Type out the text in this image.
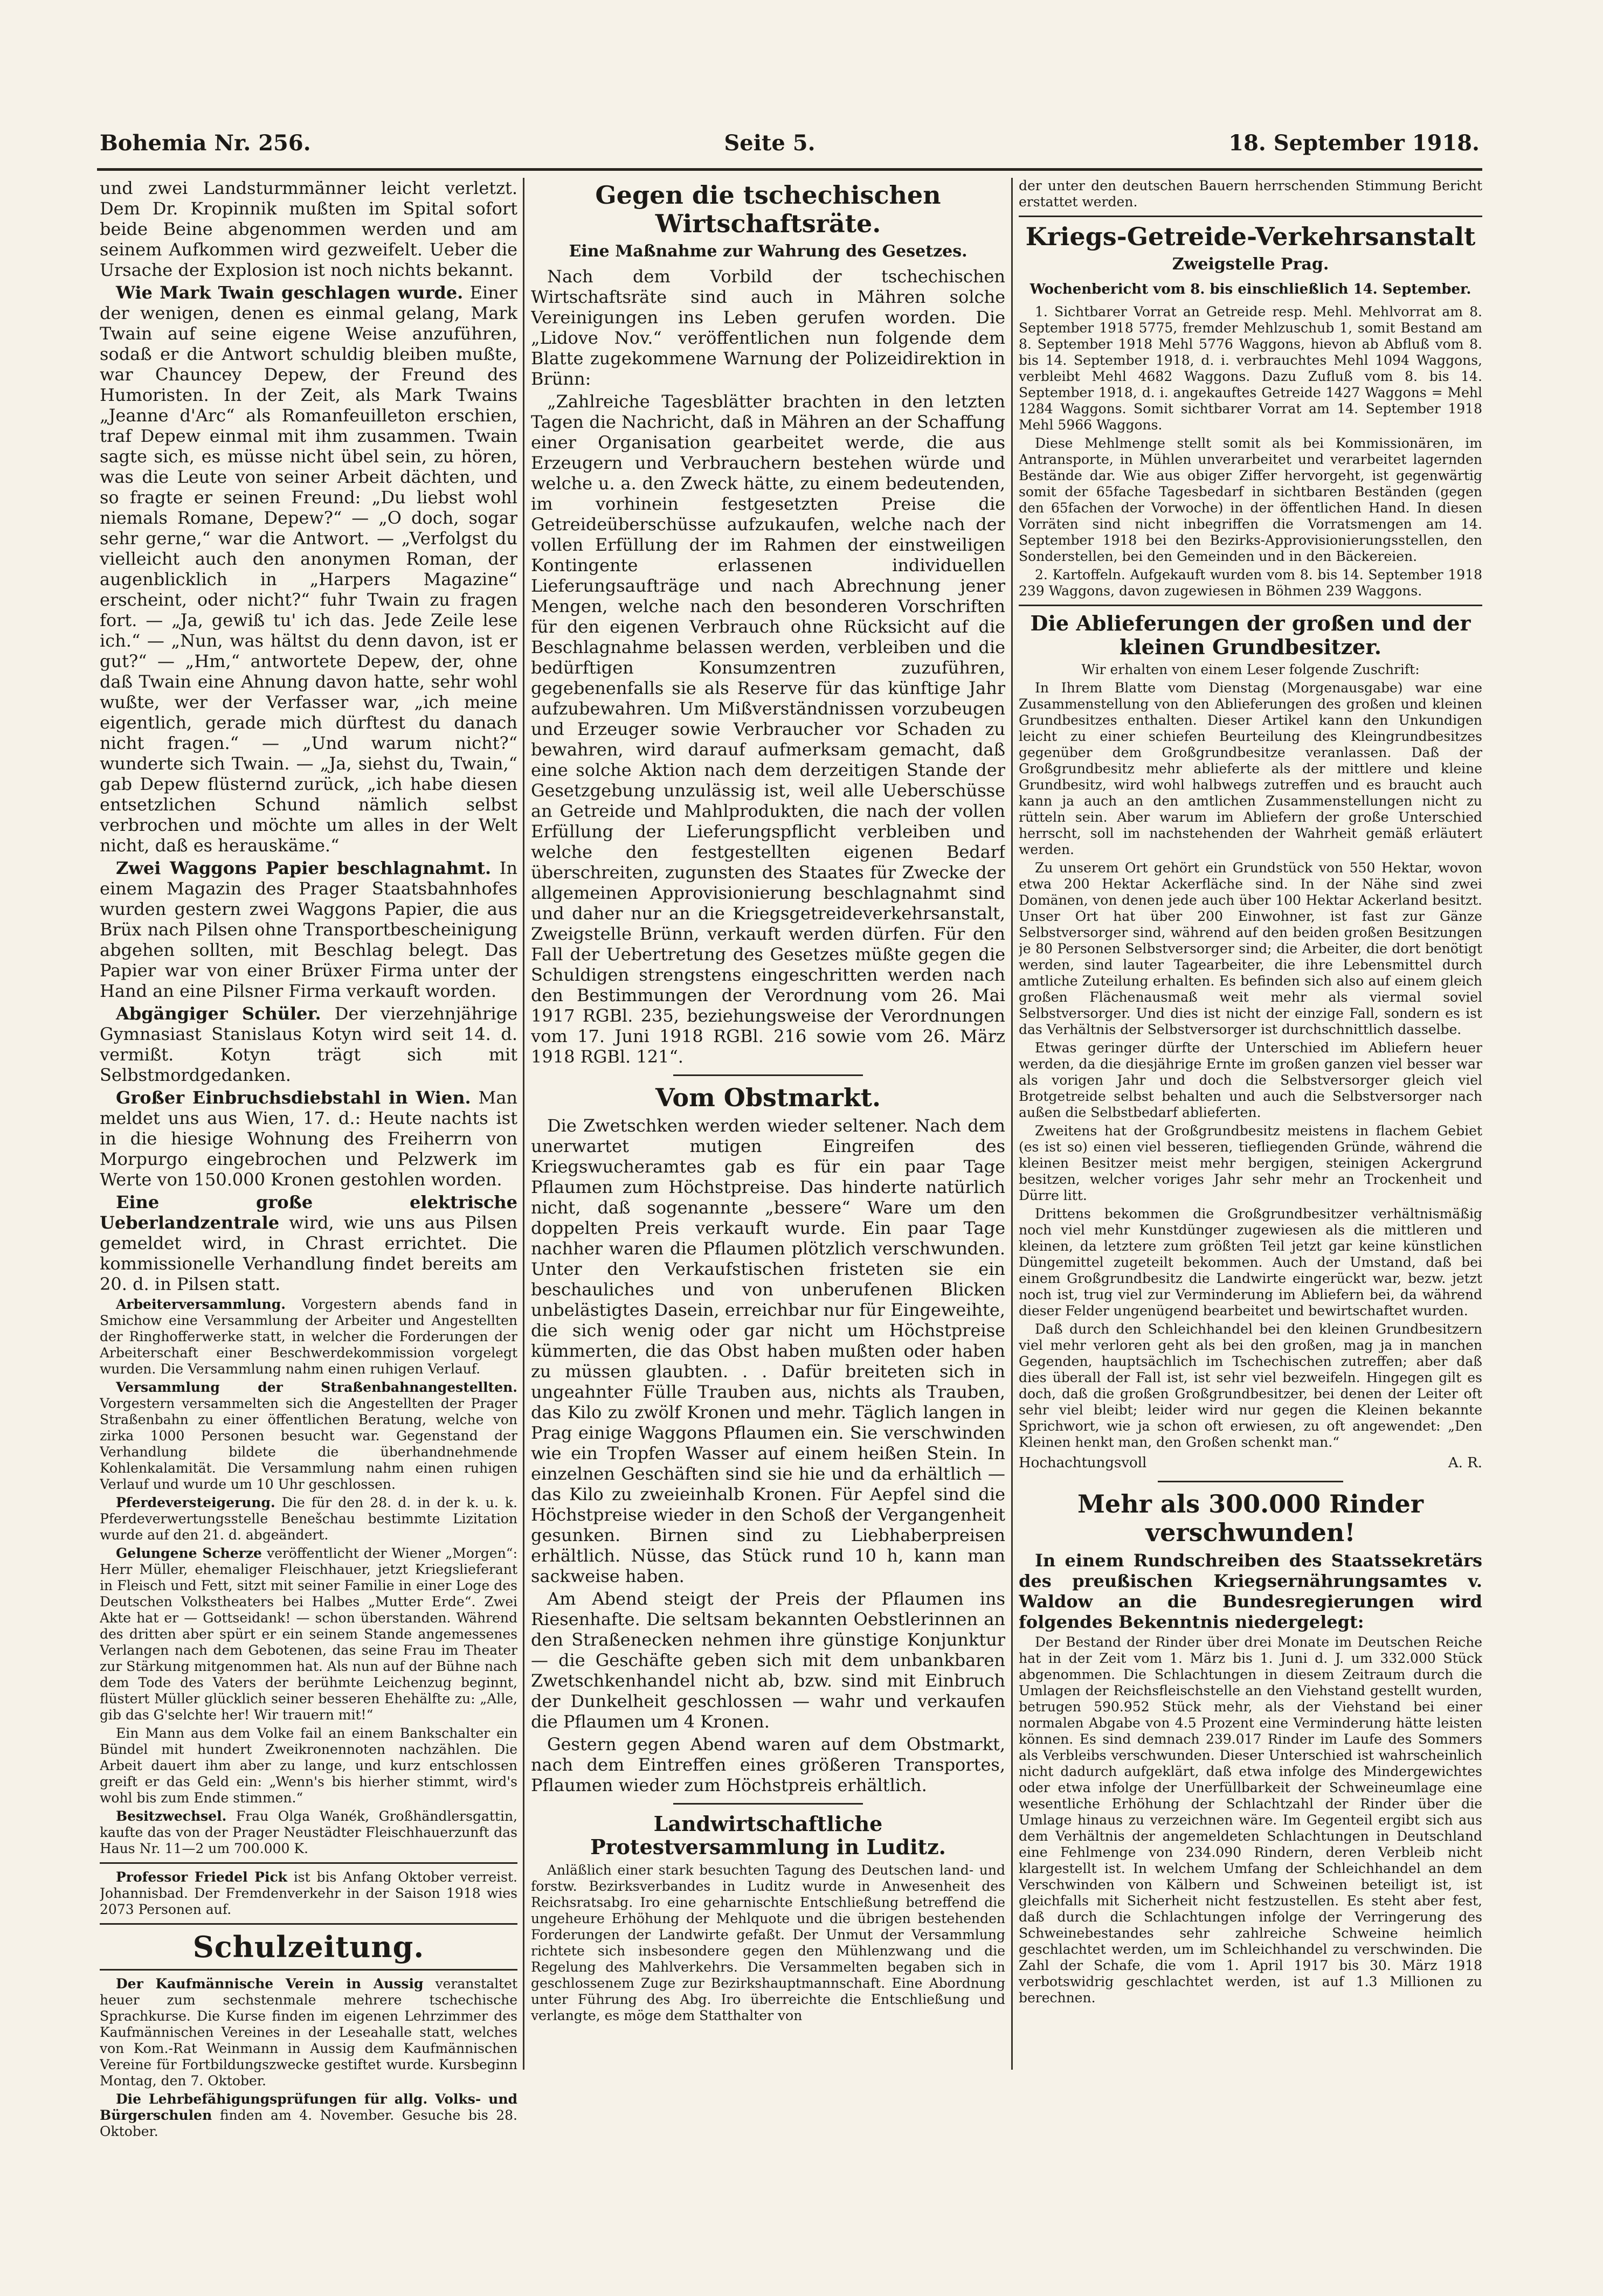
Bohemia Nr. 256.	Seite 5.	18. September 1918.

und zwei Landsturmmänner leicht verletzt. Dem Dr. Kropinnik mußten im Spital sofort beide Beine abgenommen werden und am seinem Aufkommen wird gezweifelt. Ueber die Ursache der Explosion ist noch nichts bekannt.

Wie Mark Twain geschlagen wurde. Einer der wenigen, denen es einmal gelang, Mark Twain auf seine eigene Weise anzuführen, sodaß er die Antwort schuldig bleiben mußte, war Chauncey Depew, der Freund des Humoristen. In der Zeit, als Mark Twains „Jeanne d'Arc“ als Romanfeuilleton erschien, traf Depew einmal mit ihm zusammen. Twain sagte sich, es müsse nicht übel sein, zu hören, was die Leute von seiner Arbeit dächten, und so fragte er seinen Freund: „Du liebst wohl niemals Romane, Depew?“ — „O doch, sogar sehr gerne,“ war die Antwort. — „Verfolgst du vielleicht auch den anonymen Roman, der augenblicklich in „Harpers Magazine“ erscheint, oder nicht?“ fuhr Twain zu fragen fort. — „Ja, gewiß tu' ich das. Jede Zeile lese ich.“ — „Nun, was hältst du denn davon, ist er gut?“ — „Hm,“ antwortete Depew, der, ohne daß Twain eine Ahnung davon hatte, sehr wohl wußte, wer der Verfasser war, „ich meine eigentlich, gerade mich dürftest du danach nicht fragen.“ — „Und warum nicht?“ wunderte sich Twain. — „Ja, siehst du, Twain,“ gab Depew flüsternd zurück, „ich habe diesen entsetzlichen Schund nämlich selbst verbrochen und möchte um alles in der Welt nicht, daß es herauskäme.“

Zwei Waggons Papier beschlagnahmt. In einem Magazin des Prager Staatsbahnhofes wurden gestern zwei Waggons Papier, die aus Brüx nach Pilsen ohne Transportbescheinigung abgehen sollten, mit Beschlag belegt. Das Papier war von einer Brüxer Firma unter der Hand an eine Pilsner Firma verkauft worden.

Abgängiger Schüler. Der vierzehnjährige Gymnasiast Stanislaus Kotyn wird seit 14. d. vermißt. Kotyn trägt sich mit Selbstmordgedanken.

Großer Einbruchsdiebstahl in Wien. Man meldet uns aus Wien, 17. d.: Heute nachts ist in die hiesige Wohnung des Freiherrn von Morpurgo eingebrochen und Pelzwerk im Werte von 150.000 Kronen gestohlen worden.

Eine große elektrische Ueberlandzentrale wird, wie uns aus Pilsen gemeldet wird, in Chrast errichtet. Die kommissionelle Verhandlung findet bereits am 20. d. in Pilsen statt.

Arbeiterversammlung. Vorgestern abends fand in Smichow eine Versammlung der Arbeiter und Angestellten der Ringhofferwerke statt, in welcher die Forderungen der Arbeiterschaft einer Beschwerdekommission vorgelegt wurden. Die Versammlung nahm einen ruhigen Verlauf.

Versammlung der Straßenbahnangestellten. Vorgestern versammelten sich die Angestellten der Prager Straßenbahn zu einer öffentlichen Beratung, welche von zirka 1000 Personen besucht war. Gegenstand der Verhandlung bildete die überhandnehmende Kohlenkalamität. Die Versammlung nahm einen ruhigen Verlauf und wurde um 10 Uhr geschlossen.

Pferdeversteigerung. Die für den 28. d. in der k. u. k. Pferdeverwertungsstelle Benešchau bestimmte Lizitation wurde auf den 21. d. abgeändert.

Gelungene Scherze veröffentlicht der Wiener „Morgen“: Herr Müller, ehemaliger Fleischhauer, jetzt Kriegslieferant in Fleisch und Fett, sitzt mit seiner Familie in einer Loge des Deutschen Volkstheaters bei Halbes „Mutter Erde“. Zwei Akte hat er — Gottseidank! — schon überstanden. Während des dritten aber spürt er ein seinem Stande angemessenes Verlangen nach dem Gebotenen, das seine Frau im Theater zur Stärkung mitgenommen hat. Als nun auf der Bühne nach dem Tode des Vaters der berühmte Leichenzug beginnt, flüstert Müller glücklich seiner besseren Ehehälfte zu: „Alle, gib das G'selchte her! Wir trauern mit!“

Ein Mann aus dem Volke fail an einem Bankschalter ein Bündel mit hundert Zweikronennoten nachzählen. Die Arbeit dauert ihm aber zu lange, und kurz entschlossen greift er das Geld ein: „Wenn's bis hierher stimmt, wird's wohl bis zum Ende stimmen.“

Besitzwechsel. Frau Olga Wanék, Großhändlersgattin, kaufte das von der Prager Neustädter Fleischhauerzunft das Haus Nr. 11—2 um 700.000 K.

Professor Friedel Pick ist bis Anfang Oktober verreist. Johannisbad. Der Fremdenverkehr in der Saison 1918 wies 2073 Personen auf.

Schulzeitung.

Der Kaufmännische Verein in Aussig veranstaltet heuer zum sechstenmale mehrere tschechische Sprachkurse. Die Kurse finden im eigenen Lehrzimmer des Kaufmännischen Vereines in der Leseahalle statt, welches von Kom.-Rat Weinmann in Aussig dem Kaufmännischen Vereine für Fortbildungszwecke gestiftet wurde. Kursbeginn Montag, den 7. Oktober.

Die Lehrbefähigungsprüfungen für allg. Volks- und Bürgerschulen finden am 4. November. Gesuche bis 28. Oktober.

Gegen die tschechischen Wirtschaftsräte.
Eine Maßnahme zur Wahrung des Gesetzes.

Nach dem Vorbild der tschechischen Wirtschaftsräte sind auch in Mähren solche Vereinigungen ins Leben gerufen worden. Die „Lidove Nov.“ veröffentlichen nun folgende dem Blatte zugekommene Warnung der Polizeidirektion in Brünn:

„Zahlreiche Tagesblätter brachten in den letzten Tagen die Nachricht, daß in Mähren an der Schaffung einer Organisation gearbeitet werde, die aus Erzeugern und Verbrauchern bestehen würde und welche u. a. den Zweck hätte, zu einem bedeutenden, im vorhinein festgesetzten Preise die Getreideüberschüsse aufzukaufen, welche nach der vollen Erfüllung der im Rahmen der einstweiligen Kontingente erlassenen individuellen Lieferungsaufträge und nach Abrechnung jener Mengen, welche nach den besonderen Vorschriften für den eigenen Verbrauch ohne Rücksicht auf die Beschlagnahme belassen werden, verbleiben und die bedürftigen Konsumzentren zuzuführen, gegebenenfalls sie als Reserve für das künftige Jahr aufzubewahren. Um Mißverständnissen vorzubeugen und Erzeuger sowie Verbraucher vor Schaden zu bewahren, wird darauf aufmerksam gemacht, daß eine solche Aktion nach dem derzeitigen Stande der Gesetzgebung unzulässig ist, weil alle Ueberschüsse an Getreide und Mahlprodukten, die nach der vollen Erfüllung der Lieferungspflicht verbleiben und welche den festgestellten eigenen Bedarf überschreiten, zugunsten des Staates für Zwecke der allgemeinen Approvisionierung beschlagnahmt sind und daher nur an die Kriegsgetreideverkehrsanstalt, Zweigstelle Brünn, verkauft werden dürfen. Für den Fall der Uebertretung des Gesetzes müßte gegen die Schuldigen strengstens eingeschritten werden nach den Bestimmungen der Verordnung vom 26. Mai 1917 RGBl. 235, beziehungsweise der Verordnungen vom 17. Juni 1918 RGBl. 216 sowie vom 26. März 1918 RGBl. 121“.

Vom Obstmarkt.

Die Zwetschken werden wieder seltener. Nach dem unerwartet mutigen Eingreifen des Kriegswucheramtes gab es für ein paar Tage Pflaumen zum Höchstpreise. Das hinderte natürlich nicht, daß sogenannte „bessere“ Ware um den doppelten Preis verkauft wurde. Ein paar Tage nachher waren die Pflaumen plötzlich verschwunden. Unter den Verkaufstischen fristeten sie ein beschauliches und von unberufenen Blicken unbelästigtes Dasein, erreichbar nur für Eingeweihte, die sich wenig oder gar nicht um Höchstpreise kümmerten, die das Obst haben mußten oder haben zu müssen glaubten. . . Dafür breiteten sich in ungeahnter Fülle Trauben aus, nichts als Trauben, das Kilo zu zwölf Kronen und mehr. Täglich langen in Prag einige Waggons Pflaumen ein. Sie verschwinden wie ein Tropfen Wasser auf einem heißen Stein. In einzelnen Geschäften sind sie hie und da erhältlich — das Kilo zu zweieinhalb Kronen. Für Aepfel sind die Höchstpreise wieder in den Schoß der Vergangenheit gesunken. Birnen sind zu Liebhaberpreisen erhältlich. Nüsse, das Stück rund 10 h, kann man sackweise haben.

Am Abend steigt der Preis der Pflaumen ins Riesenhafte. Die seltsam bekannten Oebstlerinnen an den Straßenecken nehmen ihre günstige Konjunktur — die Geschäfte geben sich mit dem unbankbaren Zwetschkenhandel nicht ab, bzw. sind mit Einbruch der Dunkelheit geschlossen — wahr und verkaufen die Pflaumen um 4 Kronen.

Gestern gegen Abend waren auf dem Obstmarkt, nach dem Eintreffen eines größeren Transportes, Pflaumen wieder zum Höchstpreis erhältlich.

Landwirtschaftliche Protestversammlung in Luditz.

Anläßlich einer stark besuchten Tagung des Deutschen land- und forstw. Bezirksverbandes in Luditz wurde in Anwesenheit des Reichsratsabg. Iro eine geharnischte Entschließung betreffend die ungeheure Erhöhung der Mehlquote und die übrigen bestehenden Forderungen der Landwirte gefaßt. Der Unmut der Versammlung richtete sich insbesondere gegen den Mühlenzwang und die Regelung des Mahlverkehrs. Die Versammelten begaben sich in geschlossenem Zuge zur Bezirkshauptmannschaft. Eine Abordnung unter Führung des Abg. Iro überreichte die Entschließung und verlangte, es möge dem Statthalter von

der unter den deutschen Bauern herrschenden Stimmung Bericht erstattet werden.

Kriegs-Getreide-Verkehrsanstalt
Zweigstelle Prag.
Wochenbericht vom 8. bis einschließlich 14. September.

1. Sichtbarer Vorrat an Getreide resp. Mehl. Mehlvorrat am 8. September 1918 5775, fremder Mehlzuschub 1, somit Bestand am 8. September 1918 Mehl 5776 Waggons, hievon ab Abfluß vom 8. bis 14. September 1918, d. i. verbrauchtes Mehl 1094 Waggons, verbleibt Mehl 4682 Waggons. Dazu Zufluß vom 8. bis 14. September 1918, d. i. angekauftes Getreide 1427 Waggons = Mehl 1284 Waggons. Somit sichtbarer Vorrat am 14. September 1918 Mehl 5966 Waggons.

Diese Mehlmenge stellt somit als bei Kommissionären, im Antransporte, in Mühlen unverarbeitet und verarbeitet lagernden Bestände dar. Wie aus obiger Ziffer hervorgeht, ist gegenwärtig somit der 65fache Tagesbedarf in sichtbaren Beständen (gegen den 65fachen der Vorwoche) in der öffentlichen Hand. In diesen Vorräten sind nicht inbegriffen die Vorratsmengen am 14. September 1918 bei den Bezirks-Approvisionierungsstellen, den Sonderstellen, bei den Gemeinden und in den Bäckereien.

2. Kartoffeln. Aufgekauft wurden vom 8. bis 14. September 1918 239 Waggons, davon zugewiesen in Böhmen 239 Waggons.

Die Ablieferungen der großen und der kleinen Grundbesitzer.

Wir erhalten von einem Leser folgende Zuschrift:

In Ihrem Blatte vom Dienstag (Morgenausgabe) war eine Zusammenstellung von den Ablieferungen des großen und kleinen Grundbesitzes enthalten. Dieser Artikel kann den Unkundigen leicht zu einer schiefen Beurteilung des Kleingrundbesitzes gegenüber dem Großgrundbesitze veranlassen. Daß der Großgrundbesitz mehr ablieferte als der mittlere und kleine Grundbesitz, wird wohl halbwegs zutreffen und es braucht auch kann ja auch an den amtlichen Zusammenstellungen nicht zu rütteln sein. Aber warum im Abliefern der große Unterschied herrscht, soll im nachstehenden der Wahrheit gemäß erläutert werden.

Zu unserem Ort gehört ein Grundstück von 550 Hektar, wovon etwa 200 Hektar Ackerfläche sind. In der Nähe sind zwei Domänen, von denen jede auch über 100 Hektar Ackerland besitzt. Unser Ort hat über 200 Einwohner, ist fast zur Gänze Selbstversorger sind, während auf den beiden großen Besitzungen je 80 Personen Selbstversorger sind; die Arbeiter, die dort benötigt werden, sind lauter Tagearbeiter, die ihre Lebensmittel durch amtliche Zuteilung erhalten. Es befinden sich also auf einem gleich großen Flächenausmaß weit mehr als viermal soviel Selbstversorger. Und dies ist nicht der einzige Fall, sondern es ist das Verhältnis der Selbstversorger ist durchschnittlich dasselbe.

Etwas geringer dürfte der Unterschied im Abliefern heuer werden, da die diesjährige Ernte im großen ganzen viel besser war als vorigen Jahr und doch die Selbstversorger gleich viel Brotgetreide selbst behalten und auch die Selbstversorger nach außen die Selbstbedarf ablieferten.

Zweitens hat der Großgrundbesitz meistens in flachem Gebiet (es ist so) einen viel besseren, tiefliegenden Gründe, während die kleinen Besitzer meist mehr bergigen, steinigen Ackergrund besitzen, welcher voriges Jahr sehr mehr an Trockenheit und Dürre litt.

Drittens bekommen die Großgrundbesitzer verhältnismäßig noch viel mehr Kunstdünger zugewiesen als die mittleren und kleinen, da letztere zum größten Teil jetzt gar keine künstlichen Düngemittel zugeteilt bekommen. Auch der Umstand, daß bei einem Großgrundbesitz die Landwirte eingerückt war, bezw. jetzt noch ist, trug viel zur Verminderung im Abliefern bei, da während dieser Felder ungenügend bearbeitet und bewirtschaftet wurden.

Daß durch den Schleichhandel bei den kleinen Grundbesitzern viel mehr verloren geht als bei den großen, mag ja in manchen Gegenden, hauptsächlich im Tschechischen zutreffen; aber daß dies überall der Fall ist, ist sehr viel bezweifeln. Hingegen gilt es doch, daß die großen Großgrundbesitzer, bei denen der Leiter oft sehr viel bleibt; leider wird nur gegen die Kleinen bekannte Sprichwort, wie ja schon oft erwiesen, zu oft angewendet: „Den Kleinen henkt man, den Großen schenkt man.“

Hochachtungsvoll	A. R.
Mehr als 300.000 Rinder verschwunden!

In einem Rundschreiben des Staatssekretärs des preußischen Kriegsernährungsamtes v. Waldow an die Bundesregierungen wird folgendes Bekenntnis niedergelegt:

Der Bestand der Rinder über drei Monate im Deutschen Reiche hat in der Zeit vom 1. März bis 1. Juni d. J. um 332.000 Stück abgenommen. Die Schlachtungen in diesem Zeitraum durch die Umlagen der Reichsfleischstelle an den Viehstand gestellt wurden, betrugen 590.952 Stück mehr, als der Viehstand bei einer normalen Abgabe von 4.5 Prozent eine Verminderung hätte leisten können. Es sind demnach 239.017 Rinder im Laufe des Sommers als Verbleibs verschwunden. Dieser Unterschied ist wahrscheinlich nicht dadurch aufgeklärt, daß etwa infolge des Mindergewichtes oder etwa infolge der Unerfüllbarkeit der Schweineumlage eine wesentliche Erhöhung der Schlachtzahl der Rinder über die Umlage hinaus zu verzeichnen wäre. Im Gegenteil ergibt sich aus dem Verhältnis der angemeldeten Schlachtungen in Deutschland eine Fehlmenge von 234.090 Rindern, deren Verbleib nicht klargestellt ist. In welchem Umfang der Schleichhandel an dem Verschwinden von Kälbern und Schweinen beteiligt ist, ist gleichfalls mit Sicherheit nicht festzustellen. Es steht aber fest, daß durch die Schlachtungen infolge der Verringerung des Schweinebestandes sehr zahlreiche Schweine heimlich geschlachtet werden, um im Schleichhandel zu verschwinden. Die Zahl der Schafe, die vom 1. April 1917 bis 30. März 1918 verbotswidrig geschlachtet werden, ist auf 1.3 Millionen zu berechnen.
